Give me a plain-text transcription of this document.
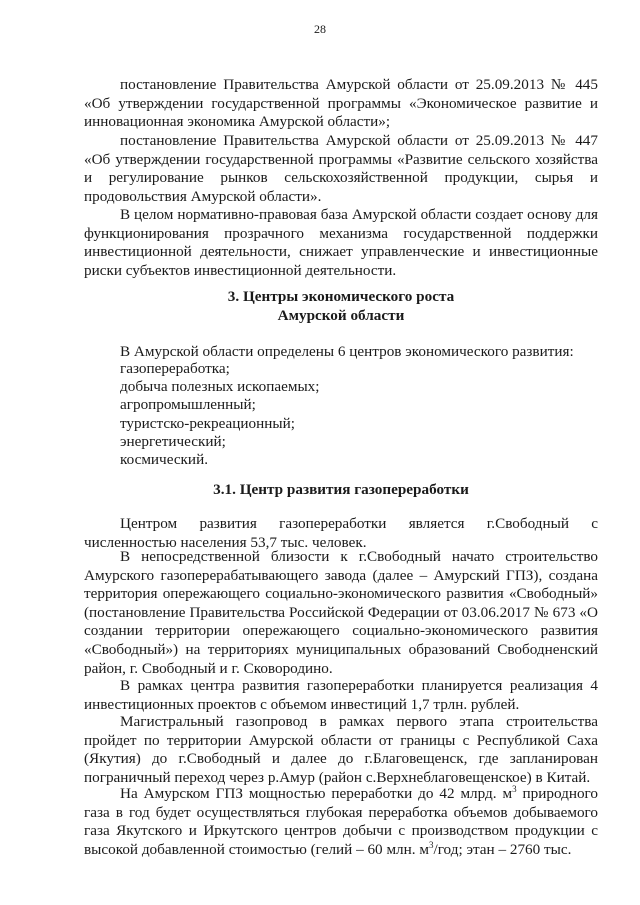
28

постановление Правительства Амурской области от 25.09.2013 № 445 «Об утверждении государственной программы «Экономическое развитие и инновационная экономика Амурской области»;

постановление Правительства Амурской области от 25.09.2013 № 447 «Об утверждении государственной программы «Развитие сельского хозяйства и регулирование рынков сельскохозяйственной продукции, сырья и продовольствия Амурской области».

В целом нормативно-правовая база Амурской области создает основу для функционирования прозрачного механизма государственной поддержки инвестиционной деятельности, снижает управленческие и инвестиционные риски субъектов инвестиционной деятельности.

3. Центры экономического роста
Амурской области

В Амурской области определены 6 центров экономического развития:

газопереработка;
добыча полезных ископаемых;
агропромышленный;
туристско-рекреационный;
энергетический;
космический.
3.1. Центр развития газопереработки

Центром развития газопереработки является г.Свободный с численностью населения 53,7 тыс. человек.

В непосредственной близости к г.Свободный начато строительство Амурского газоперерабатывающего завода (далее – Амурский ГПЗ), создана территория опережающего социально-экономического развития «Свободный» (постановление Правительства Российской Федерации от 03.06.2017 № 673 «О создании территории опережающего социально-экономического развития «Свободный») на территориях муниципальных образований Свободненский район, г. Свободный и г. Сковородино.

В рамках центра развития газопереработки планируется реализация 4 инвестиционных проектов с объемом инвестиций 1,7 трлн. рублей.

Магистральный газопровод в рамках первого этапа строительства пройдет по территории Амурской области от границы с Республикой Саха (Якутия) до г.Свободный и далее до г.Благовещенск, где запланирован пограничный переход через р.Амур (район с.Верхнеблаговещенское) в Китай.

На Амурском ГПЗ мощностью переработки до 42 млрд. $м^3$ природного газа в год будет осуществляться глубокая переработка объемов добываемого газа Якутского и Иркутского центров добычи с производством продукции с высокой добавленной стоимостью (гелий – 60 млн. $м^3$/год; этан – 2760 тыс.
